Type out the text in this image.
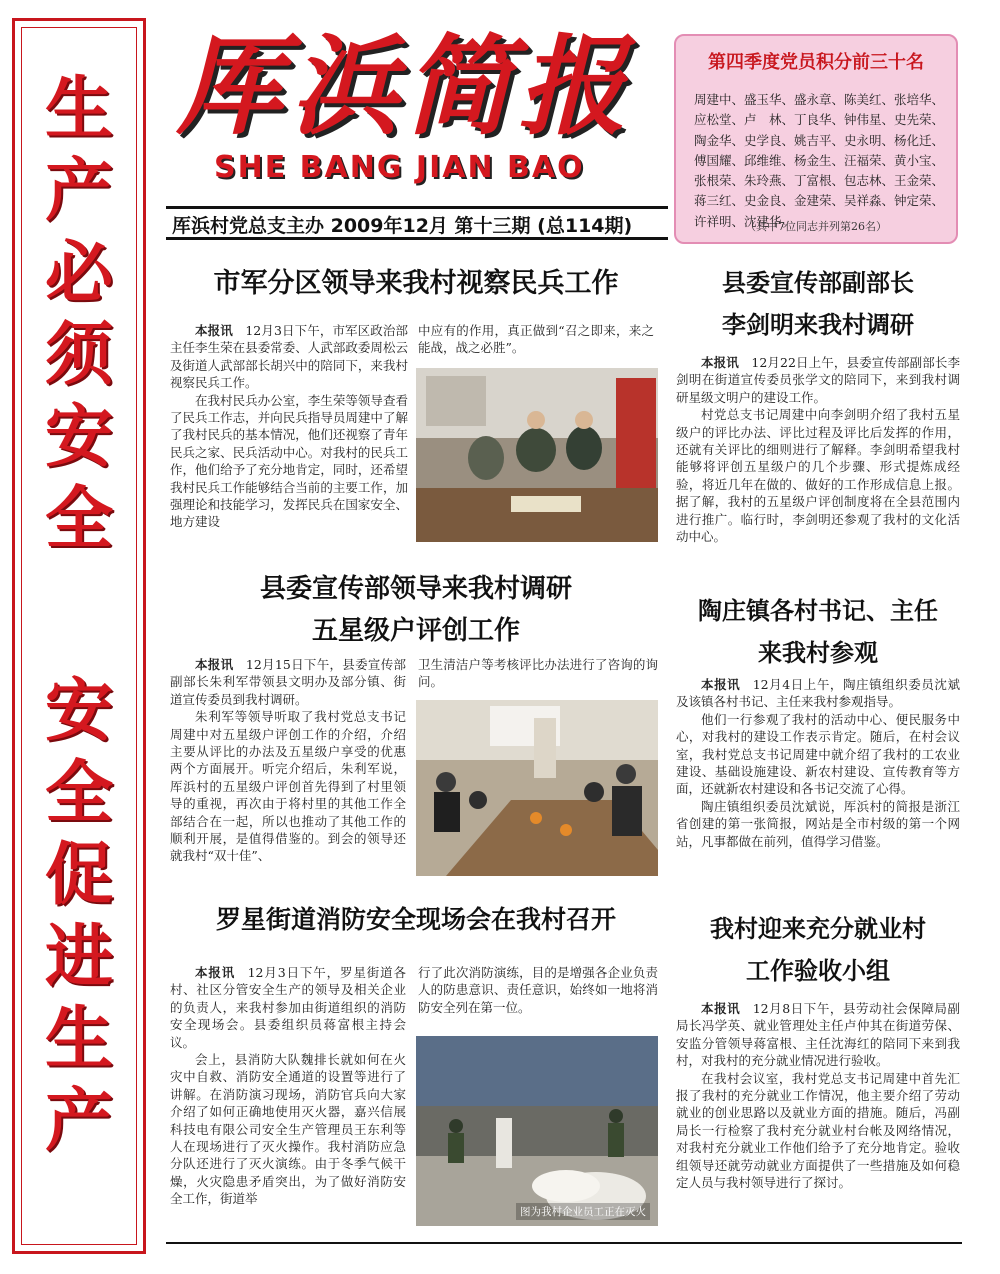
生
产
必
须
安
全
安
全
促
进
生
产
厍浜简报
SHE BANG JIAN BAO
厍浜村党总支主办 2009年12月 第十三期 (总114期)
第四季度党员积分前三十名
周建中、盛玉华、盛永章、陈美红、张培华、应松堂、卢　林、丁良华、钟伟星、史先荣、陶金华、史学良、姚吉平、史永明、杨化迁、傅国耀、邱维维、杨金生、汪福荣、黄小宝、张根荣、朱玲燕、丁富根、包志林、王金荣、蒋三红、史金良、金建荣、吴祥淼、钟定荣、许祥明、沈建华。
（其中7位同志并列第26名）
市军分区领导来我村视察民兵工作

本报讯  12月3日下午，市军区政治部主任李生荣在县委常委、人武部政委周松云及街道人武部部长胡兴中的陪同下，来我村视察民兵工作。

在我村民兵办公室，李生荣等领导查看了民兵工作志，并向民兵指导员周建中了解了我村民兵的基本情况，他们还视察了青年民兵之家、民兵活动中心。对我村的民兵工作，他们给予了充分地肯定，同时，还希望我村民兵工作能够结合当前的主要工作，加强理论和技能学习，发挥民兵在国家安全、地方建设

中应有的作用，真正做到“召之即来，来之能战，战之必胜”。

县委宣传部领导来我村调研
五星级户评创工作

本报讯  12月15日下午，县委宣传部副部长朱利军带领县文明办及部分镇、街道宣传委员到我村调研。

朱利军等领导听取了我村党总支书记周建中对五星级户评创工作的介绍，介绍主要从评比的办法及五星级户享受的优惠两个方面展开。听完介绍后，朱利军说，厍浜村的五星级户评创首先得到了村里领导的重视，再次由于将村里的其他工作全部结合在一起，所以也推动了其他工作的顺利开展，是值得借鉴的。到会的领导还就我村“双十佳”、

卫生清洁户等考核评比办法进行了咨询的询问。

罗星街道消防安全现场会在我村召开

本报讯  12月3日下午，罗星街道各村、社区分管安全生产的领导及相关企业的负责人，来我村参加由街道组织的消防安全现场会。县委组织员蒋富根主持会议。

会上，县消防大队魏排长就如何在火灾中自救、消防安全通道的设置等进行了讲解。在消防演习现场，消防官兵向大家介绍了如何正确地使用灭火器，嘉兴信展科技电有限公司安全生产管理员王东利等人在现场进行了灭火操作。我村消防应急分队还进行了灭火演练。由于冬季气候干燥，火灾隐患矛盾突出，为了做好消防安全工作，街道举

行了此次消防演练，目的是增强各企业负责人的防患意识、责任意识，始终如一地将消防安全列在第一位。

图为我村企业员工正在灭火
县委宣传部副部长
李剑明来我村调研

本报讯  12月22日上午，县委宣传部副部长李剑明在街道宣传委员张学文的陪同下，来到我村调研星级文明户的建设工作。

村党总支书记周建中向李剑明介绍了我村五星级户的评比办法、评比过程及评比后发挥的作用，还就有关评比的细则进行了解释。李剑明希望我村能够将评创五星级户的几个步骤、形式提炼成经验，将近几年在做的、做好的工作形成信息上报。据了解，我村的五星级户评创制度将在全县范围内进行推广。临行时，李剑明还参观了我村的文化活动中心。

陶庄镇各村书记、主任
来我村参观

本报讯  12月4日上午，陶庄镇组织委员沈斌及该镇各村书记、主任来我村参观指导。

他们一行参观了我村的活动中心、便民服务中心，对我村的建设工作表示肯定。随后，在村会议室，我村党总支书记周建中就介绍了我村的工农业建设、基础设施建设、新农村建设、宣传教育等方面，还就新农村建设和各书记交流了心得。

陶庄镇组织委员沈斌说，厍浜村的简报是浙江省创建的第一张简报，网站是全市村级的第一个网站，凡事都做在前列，值得学习借鉴。

我村迎来充分就业村
工作验收小组

本报讯  12月8日下午，县劳动社会保障局副局长冯学英、就业管理处主任卢仲其在街道劳保、安监分管领导蒋富根、主任沈海红的陪同下来到我村，对我村的充分就业情况进行验收。

在我村会议室，我村党总支书记周建中首先汇报了我村的充分就业工作情况，他主要介绍了劳动就业的创业思路以及就业方面的措施。随后，冯副局长一行检察了我村充分就业村台帐及网络情况，对我村充分就业工作他们给予了充分地肯定。验收组领导还就劳动就业方面提供了一些措施及如何稳定人员与我村领导进行了探讨。
